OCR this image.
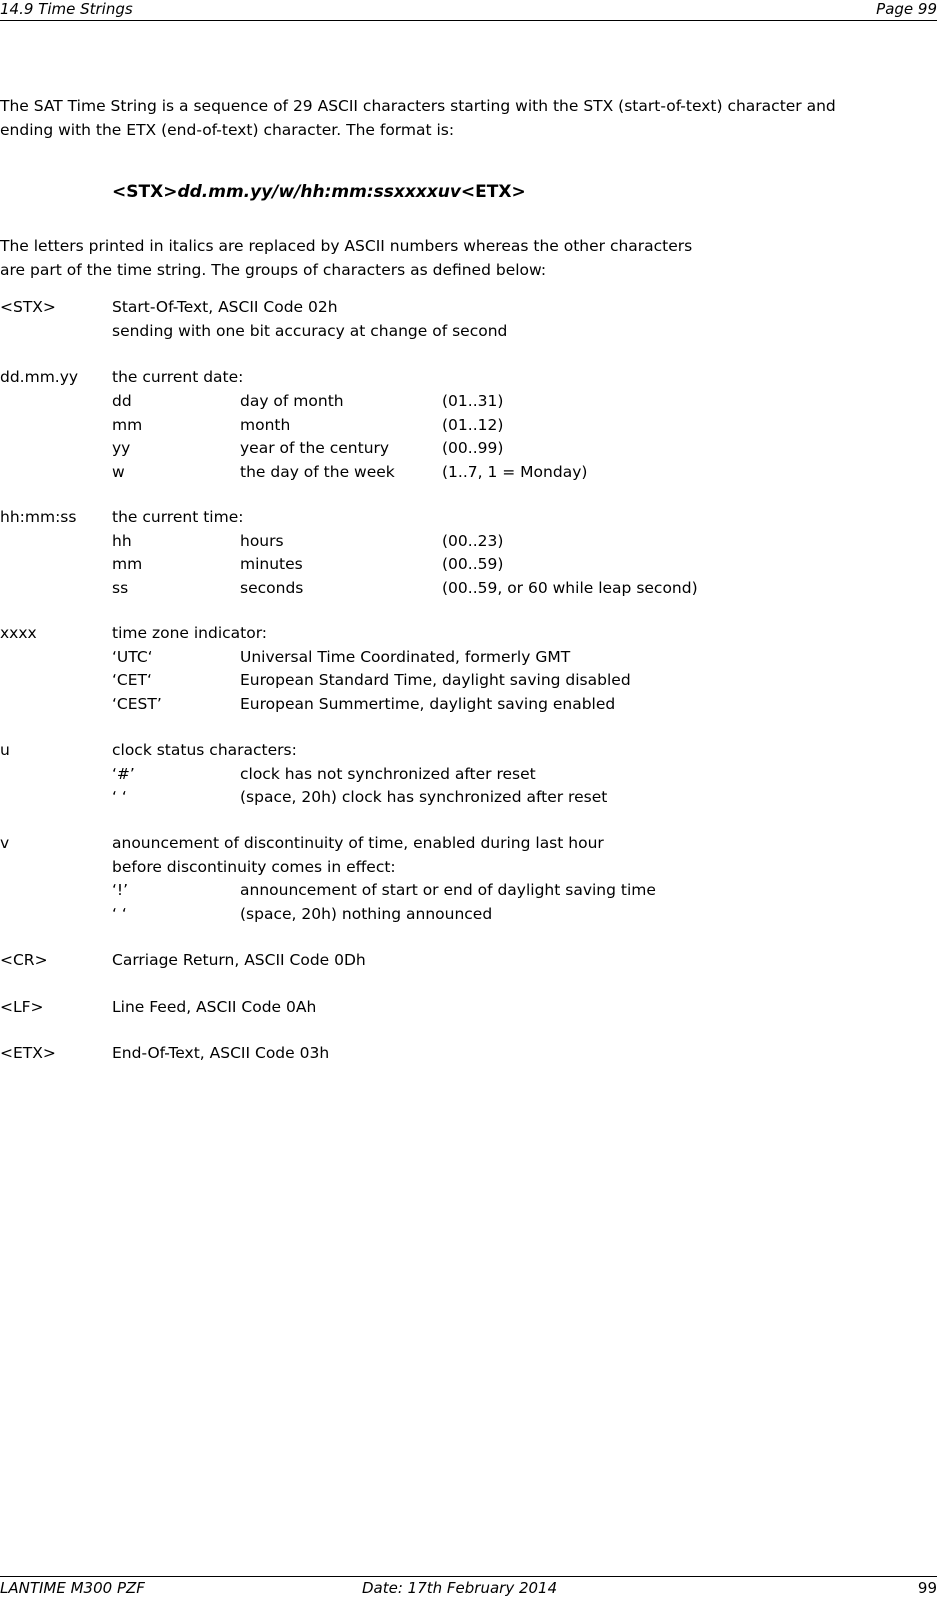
14.9 Time Strings	Page 99
The SAT Time String is a sequence of 29 ASCII characters starting with the STX (start-of-text) character and
ending with the ETX (end-of-text) character. The format is:
<STX>dd.mm.yy/w/hh:mm:ssxxxxuv<ETX>
The letters printed in italics are replaced by ASCII numbers whereas the other characters
are part of the time string. The groups of characters as defined below:
<STX>	Start-Of-Text, ASCII Code 02h
sending with one bit accuracy at change of second
dd.mm.yy the current date:
dd	day of month	(01..31)
mm	month	(01..12)
yy	year of the century	(00..99)
w	the day of the week	(1..7, 1 = Monday)
hh:mm:ss the current time:
hh	hours	(00..23)
mm	minutes	(00..59)
ss	seconds	(00..59, or 60 while leap second)
xxxx	time zone indicator:
‘UTC‘	Universal Time Coordinated, formerly GMT
‘CET‘	European Standard Time, daylight saving disabled
‘CEST’	European Summertime, daylight saving enabled
u	clock status characters:
‘#’	clock has not synchronized after reset
‘ ‘	(space, 20h) clock has synchronized after reset
v	anouncement of discontinuity of time, enabled during last hour
before discontinuity comes in effect:
‘!’	announcement of start or end of daylight saving time
‘ ‘	(space, 20h) nothing announced
<CR>	Carriage Return, ASCII Code 0Dh
<LF>	Line Feed, ASCII Code 0Ah
<ETX>	End-Of-Text, ASCII Code 03h
LANTIME M300 PZF	Date: 17th February 2014	99
